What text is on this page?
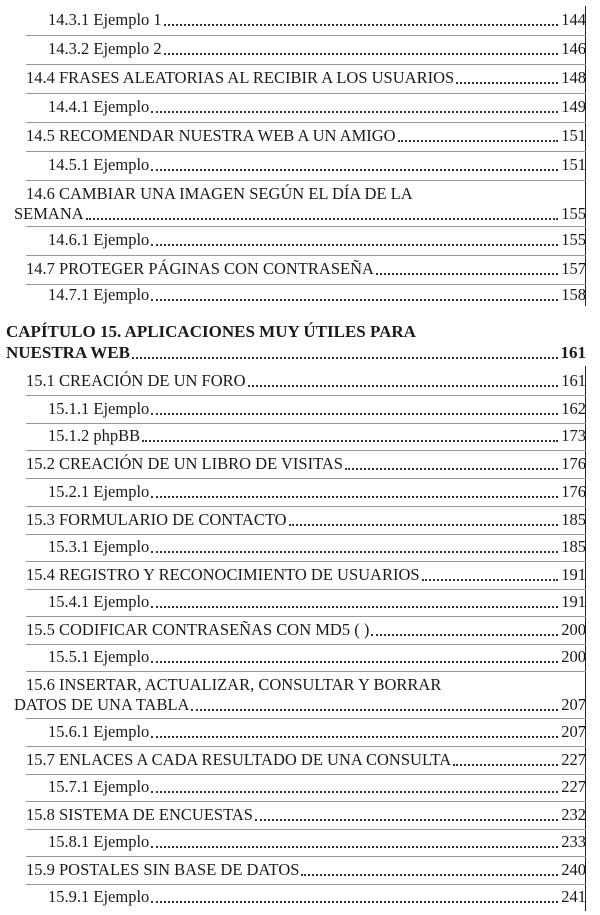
14.3.1 Ejemplo 1	144
14.3.2 Ejemplo 2	146
14.4 FRASES ALEATORIAS AL RECIBIR A LOS USUARIOS	148
14.4.1 Ejemplo	149
14.5 RECOMENDAR NUESTRA WEB A UN AMIGO	151
14.5.1 Ejemplo	151
14.6 CAMBIAR UNA IMAGEN SEGÚN EL DÍA DE LA
SEMANA	155
14.6.1 Ejemplo	155
14.7 PROTEGER PÁGINAS CON CONTRASEÑA	157
14.7.1 Ejemplo	158
CAPÍTULO 15. APLICACIONES MUY ÚTILES PARA
NUESTRA WEB	161
15.1 CREACIÓN DE UN FORO	161
15.1.1 Ejemplo	162
15.1.2 phpBB	173
15.2 CREACIÓN DE UN LIBRO DE VISITAS	176
15.2.1 Ejemplo	176
15.3 FORMULARIO DE CONTACTO	185
15.3.1 Ejemplo	185
15.4 REGISTRO Y RECONOCIMIENTO DE USUARIOS	191
15.4.1 Ejemplo	191
15.5 CODIFICAR CONTRASEÑAS CON MD5 ( )	200
15.5.1 Ejemplo	200
15.6 INSERTAR, ACTUALIZAR, CONSULTAR Y BORRAR
DATOS DE UNA TABLA	207
15.6.1 Ejemplo	207
15.7 ENLACES A CADA RESULTADO DE UNA CONSULTA	227
15.7.1 Ejemplo	227
15.8 SISTEMA DE ENCUESTAS	232
15.8.1 Ejemplo	233
15.9 POSTALES SIN BASE DE DATOS	240
15.9.1 Ejemplo	241
